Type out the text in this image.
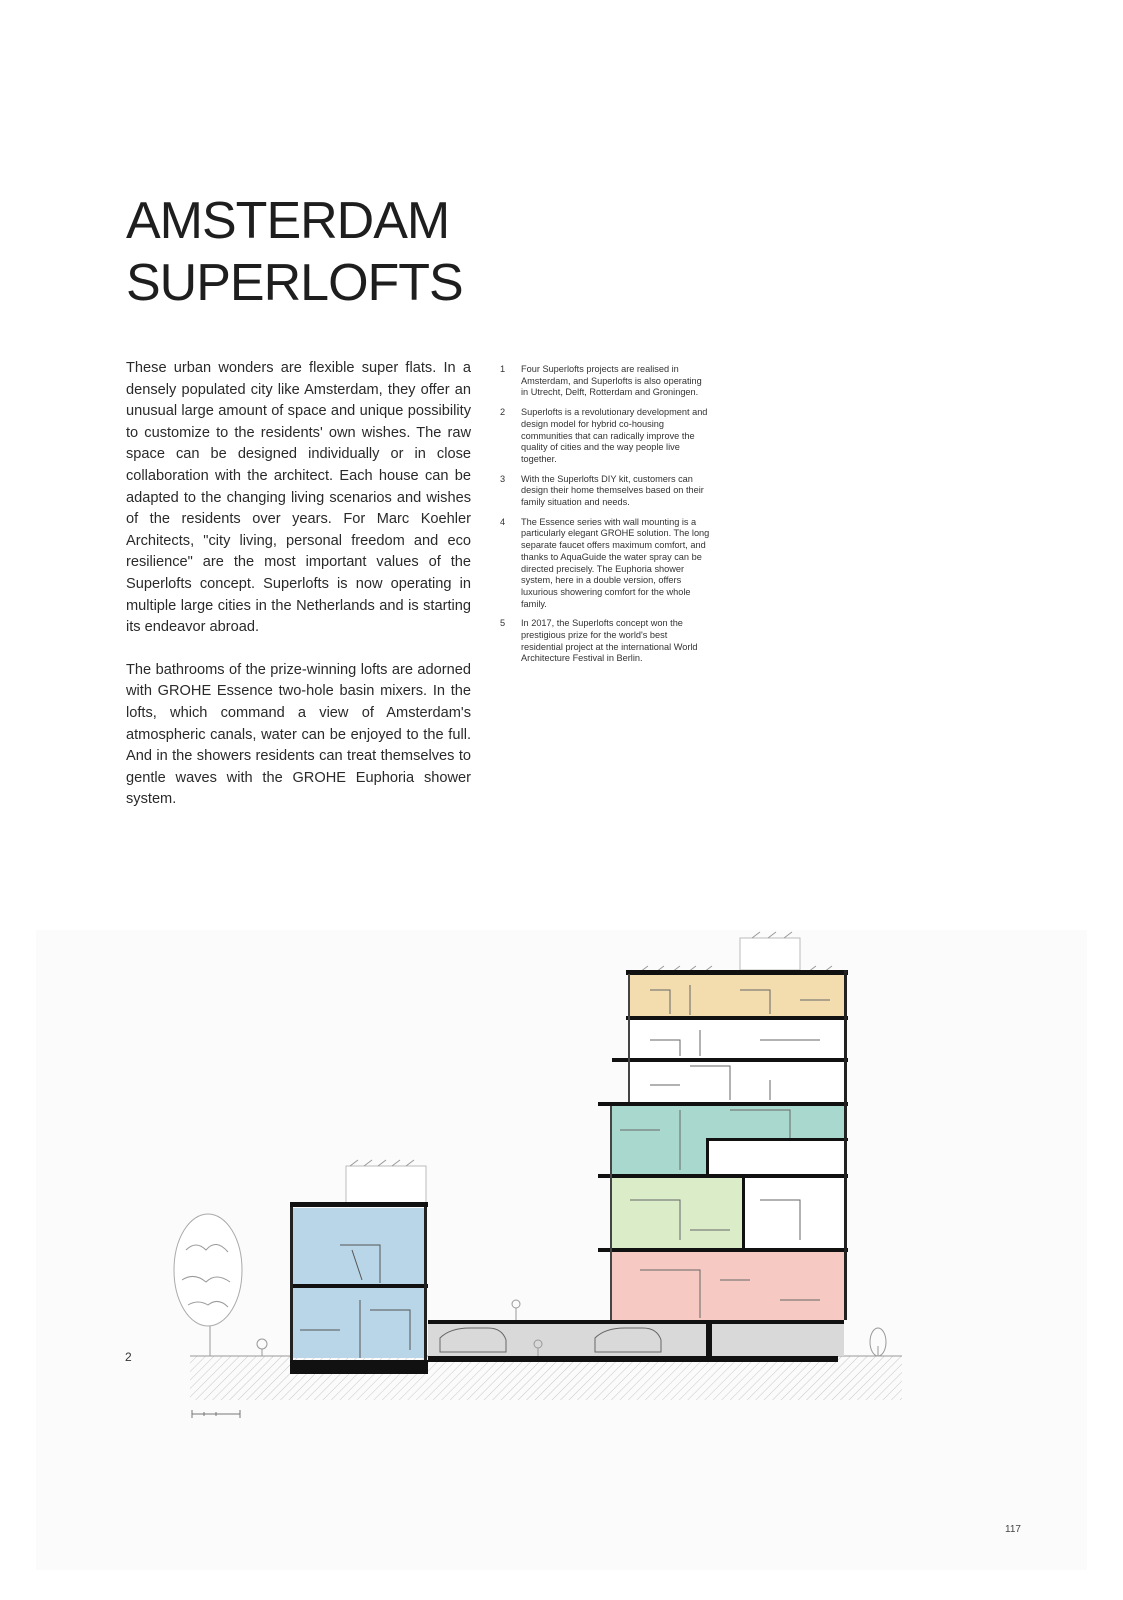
AMSTERDAM
SUPERLOFTS

These urban wonders are flexible super flats. In a densely populated city like Amsterdam, they offer an unusual large amount of space and unique possibility to customize to the residents' own wishes. The raw space can be designed individually or in close collaboration with the architect. Each house can be adapted to the changing living scenarios and wishes of the residents over years. For Marc Koehler Architects, "city living, personal freedom and eco resilience" are the most important values of the Superlofts concept. Superlofts is now operating in multiple large cities in the Netherlands and is starting its endeavor abroad.

The bathrooms of the prize-winning lofts are adorned with GROHE Essence two-hole basin mixers. In the lofts, which command a view of Amsterdam's atmospheric canals, water can be enjoyed to the full. And in the showers residents can treat themselves to gentle waves with the GROHE Euphoria shower system.

1	Four Superlofts projects are realised in Amsterdam, and Superlofts is also operating in Utrecht, Delft, Rotterdam and Groningen.
2	Superlofts is a revolutionary development and design model for hybrid co-housing communities that can radically improve the quality of cities and the way people live together.
3	With the Superlofts DIY kit, customers can design their home themselves based on their family situation and needs.
4	The Essence series with wall mounting is a particularly elegant GROHE solution. The long separate faucet offers maximum comfort, and thanks to AquaGuide the water spray can be directed precisely. The Euphoria shower system, here in a double version, offers luxurious showering comfort for the whole family.
5	In 2017, the Superlofts concept won the prestigious prize for the world's best residential project at the international World Architecture Festival in Berlin.
2
117
